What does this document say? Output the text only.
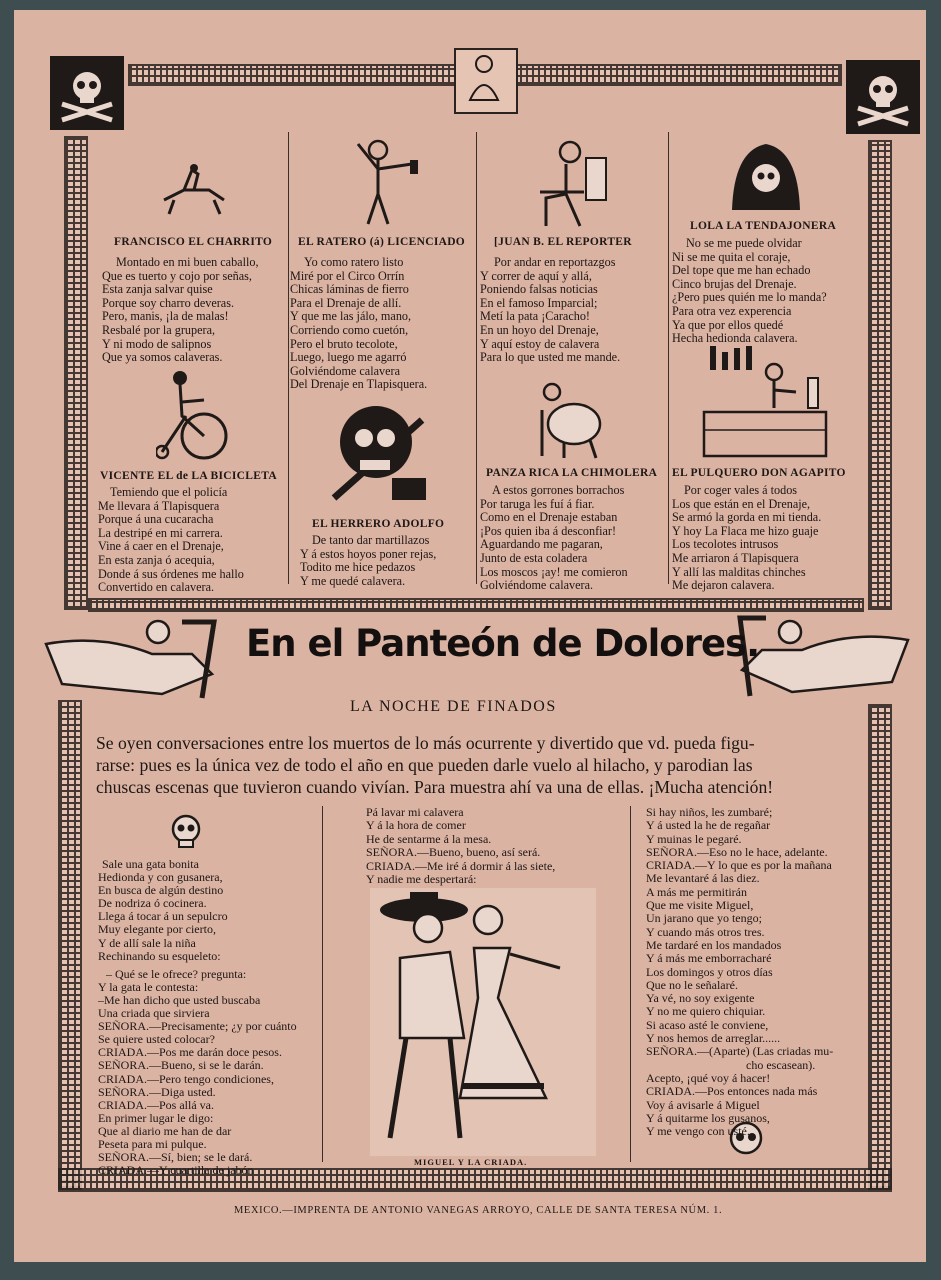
FRANCISCO EL CHARRITO
Montado en mi buen caballo,
Que es tuerto y cojo por señas,
Esta zanja salvar quise
Porque soy charro deveras.
Pero, manis, ¡la de malas!
Resbalé por la grupera,
Y ni modo de saliрnos
Que ya somos calaveras.
EL RATERO (á) LICENCIADO
Yo como ratero listo
Miré por el Circo Orrín
Chicas láminas de fierro
Para el Drenaje de allí.
Y que me las jálo, mano,
Corriendo como cuetón,
Pero el bruto tecolote,
Luego, luego me agarró
Golviéndome calavera
Del Drenaje en Tlapisquera.
[JUAN B. EL REPORTER
Por andar en reportazgos
Y correr de aquí y allá,
Poniendo falsas noticias
En el famoso Imparcial;
Metí la pata ¡Caracho!
En un hoyo del Drenaje,
Y aquí estoy de calavera
Para lo que usted me mande.
LOLA LA TENDAJONERA
No se me puede olvidar
Ni se me quita el coraje,
Del tope que me han echado
Cinco brujas del Drenaje.
¿Pero pues quién me lo manda?
Para otra vez experencia
Ya que por ellos quedé
Hecha hedionda calavera.
VICENTE EL de LA BICICLETA
Temiendo que el policía
Me llevara á Tlapisquera
Porque á una cucaracha
La destripé en mi carrera.
Vine á caer en el Drenaje,
En esta zanja ó acequia,
Donde á sus órdenes me hallo
Convertido en calavera.
EL HERRERO ADOLFO
De tanto dar martillazos
Y á estos hoyos poner rejas,
Todito me hice pedazos
Y me quedé calavera.
PANZA RICA LA CHIMOLERA
A estos gorrones borrachos
Por taruga les fuí á fiar.
Como en el Drenaje estaban
¡Pos quien iba á desconfiar!
Aguardando me pagaran,
Junto de esta coladera
Los moscos ¡ay! me comieron
Golviéndome calavera.
EL PULQUERO DON AGAPITO
Por coger vales á todos
Los que están en el Drenaje,
Se armó la gorda en mi tienda.
Y hoy La Flaca me hizo guaje
Los tecolotes intrusos
Me arriaron á Tlapisquera
Y allí las malditas chinches
Me dejaron calavera.
En el Panteón de Dolores.
LA NOCHE DE FINADOS
Se oyen conversaciones entre los muertos de lo más ocurrente y divertido que vd. pueda figu-
rarse: pues es la única vez de todo el año en que pueden darle vuelo al hilacho, y parodian las
chuscas escenas que tuvieron cuando vivían. Para muestra ahí va una de ellas. ¡Mucha atención!
Sale una gata bonita
Hedionda y con gusanera,
En busca de algún destino
De nodriza ó cocinera.
Llega á tocar á un sepulcro
Muy elegante por cierto,
Y de allí sale la niña
Rechinando su esqueleto:
– Qué se le ofrece? pregunta:
Y la gata le contesta:
–Me han dicho que usted buscaba
Una criada que sirviera
SEÑORA.—Precisamente; ¿y por cuánto
Se quiere usted colocar?
CRIADA.—Pos me darán doce pesos.
SEÑORA.—Bueno, si se le darán.
CRIADA.—Pero tengo condiciones,
SEÑORA.—Diga usted.
CRIADA.—Pos allá va.
En primer lugar le digo:
Que al diario me han de dar
Peseta para mi pulque.
SEÑORA.—Sí, bien; se le dará.
CRIADA.—Y cuartilla de jabón
Pá lavar mi calavera
Y á la hora de comer
He de sentarme á la mesa.
SEÑORA.—Bueno, bueno, así será.
CRIADA.—Me iré á dormir á las siete,
Y nadie me despertará:
MIGUEL Y LA CRIADA.
Si hay niños, les zumbaré;
Y á usted la he de regañar
Y muinas le pegaré.
SEÑORA.—Eso no le hace, adelante.
CRIADA.—Y lo que es por la mañana
Me levantaré á las diez.
A más me permitirán
Que me visite Miguel,
Un jarano que yo tengo;
Y cuando más otros tres.
Me tardaré en los mandados
Y á más me emborracharé
Los domingos y otros días
Que no le señalaré.
Ya vé, no soy exigente
Y no me quiero chiquiar.
Si acaso asté le conviene,
Y nos hemos de arreglar......
SEÑORA.—(Aparte) (Las criadas mu-
cho escasean).
Acepto, ¡qué voy á hacer!
CRIADA.—Pos entonces nada más
Voy á avisarle á Miguel
Y á quitarme los gusanos,
Y me vengo con usté.
MEXICO.—IMPRENTA DE ANTONIO VANEGAS ARROYO, CALLE DE SANTA TERESA NÚM. 1.
